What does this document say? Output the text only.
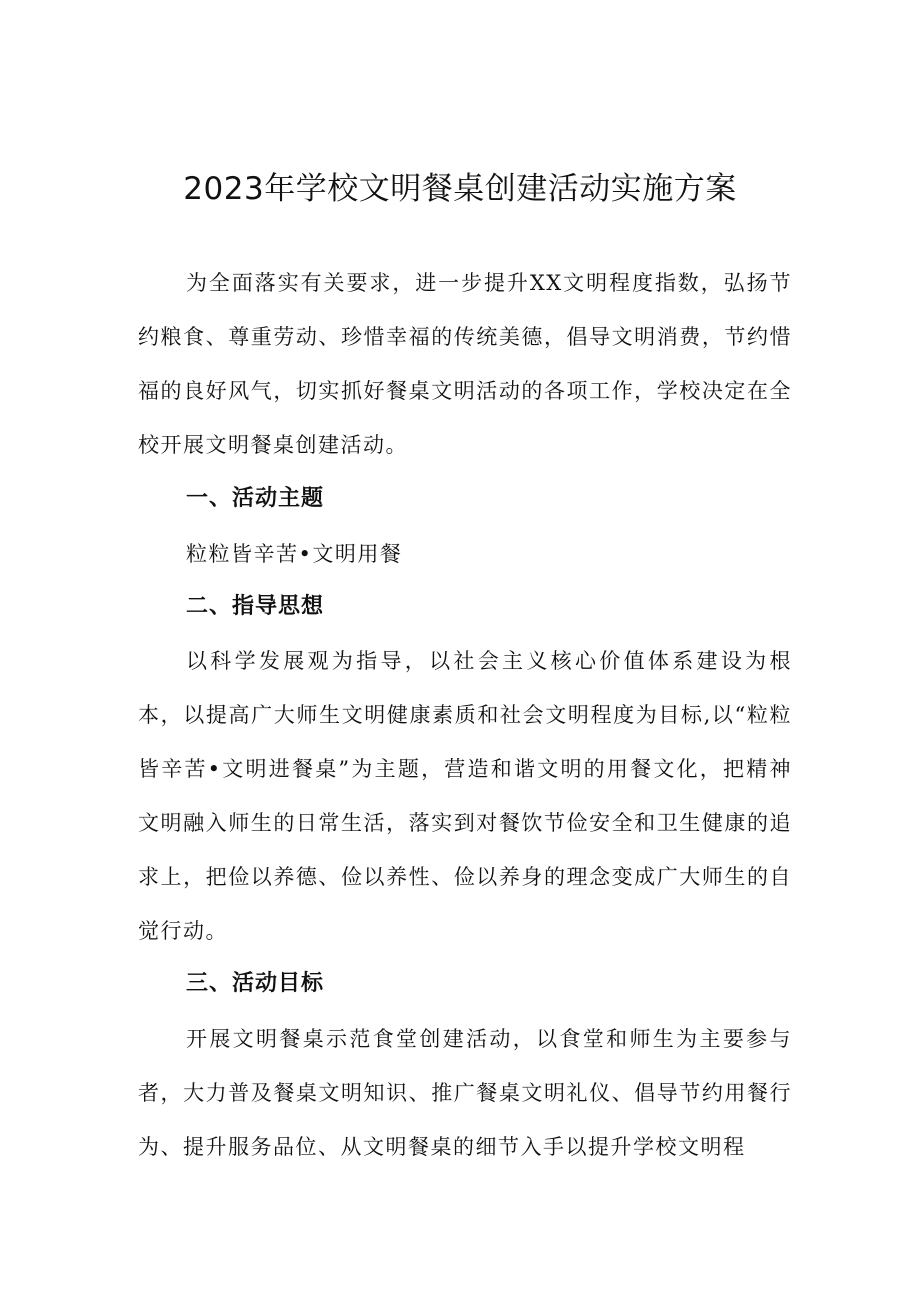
2023年学校文明餐桌创建活动实施方案

为全面落实有关要求，进一步提升XX文明程度指数，弘扬节约粮食、尊重劳动、珍惜幸福的传统美德，倡导文明消费，节约惜福的良好风气，切实抓好餐桌文明活动的各项工作，学校决定在全校开展文明餐桌创建活动。

一、活动主题

粒粒皆辛苦•文明用餐

二、指导思想

以科学发展观为指导，以社会主义核心价值体系建设为根本，以提高广大师生文明健康素质和社会文明程度为目标,以“粒粒皆辛苦•文明进餐桌”为主题，营造和谐文明的用餐文化，把精神文明融入师生的日常生活，落实到对餐饮节俭安全和卫生健康的追求上，把俭以养德、俭以养性、俭以养身的理念变成广大师生的自觉行动。

三、活动目标

开展文明餐桌示范食堂创建活动，以食堂和师生为主要参与者，大力普及餐桌文明知识、推广餐桌文明礼仪、倡导节约用餐行为、提升服务品位、从文明餐桌的细节入手以提升学校文明程
